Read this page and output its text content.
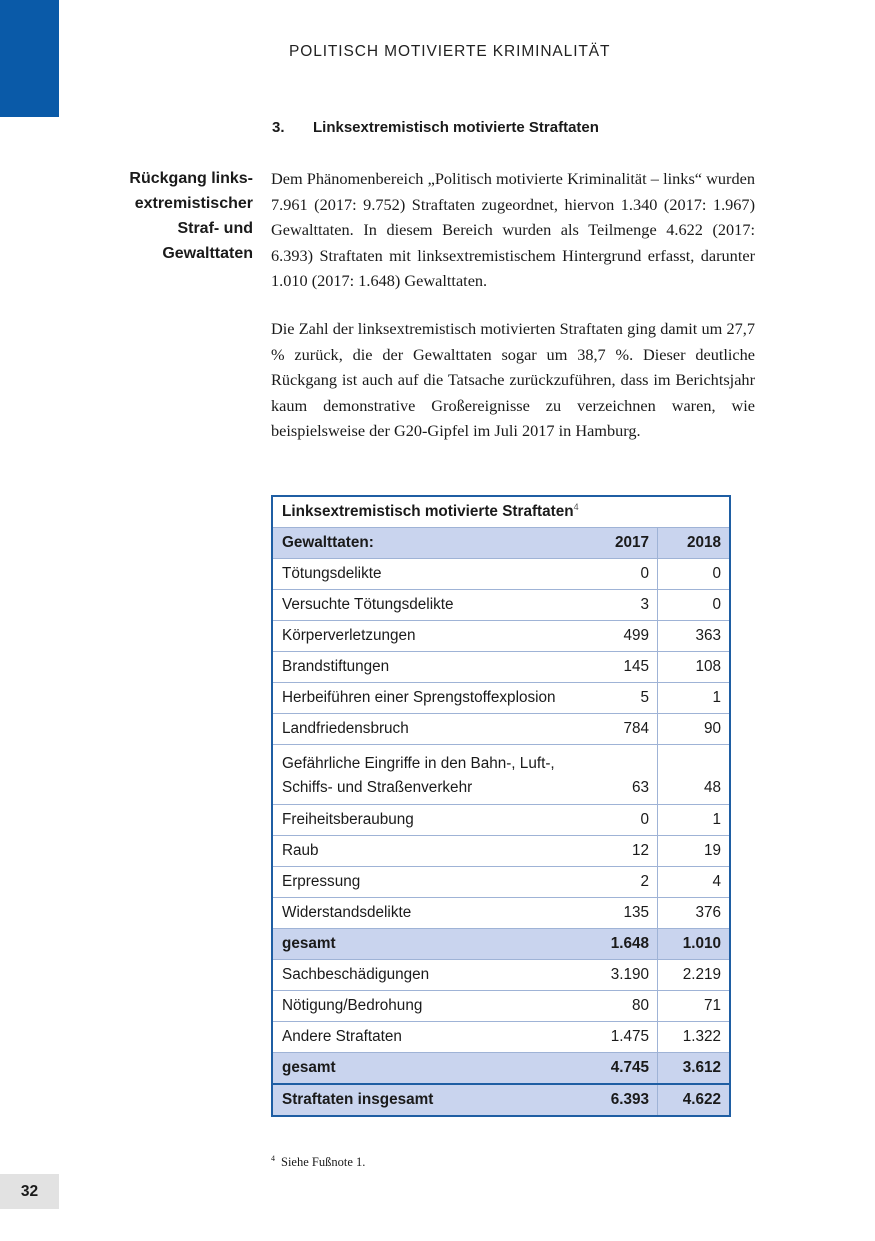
POLITISCH MOTIVIERTE KRIMINALITÄT
3. Linksextremistisch motivierte Straftaten
Rückgang links-
extremistischer
Straf- und
Gewalttaten

Dem Phänomenbereich „Politisch motivierte Kriminalität – links“ wurden 7.961 (2017: 9.752) Straftaten zugeordnet, hiervon 1.340 (2017: 1.967) Gewalttaten. In diesem Bereich wurden als Teilmenge 4.622 (2017: 6.393) Straftaten mit linksextremistischem Hintergrund erfasst, darunter 1.010 (2017: 1.648) Gewalttaten.

Die Zahl der linksextremistisch motivierten Straftaten ging damit um 27,7 % zurück, die der Gewalttaten sogar um 38,7 %. Dieser deutliche Rückgang ist auch auf die Tatsache zurückzuführen, dass im Berichtsjahr kaum demonstrative Großereignisse zu verzeichnen waren, wie beispielsweise der G20-Gipfel im Juli 2017 in Hamburg.

Linksextremistisch motivierte Straftaten$^4$
Gewalttaten:	2017	2018
Tötungsdelikte	0	0
Versuchte Tötungsdelikte	3	0
Körperverletzungen	499	363
Brandstiftungen	145	108
Herbeiführen einer Sprengstoffexplosion	5	1
Landfriedensbruch	784	90

Gefährliche Eingriffe in den Bahn-, Luft-,
Schiffs- und Straßenverkehr	63	48
Freiheitsberaubung	0	1
Raub	12	19
Erpressung	2	4
Widerstandsdelikte	135	376
gesamt	1.648	1.010
Sachbeschädigungen	3.190	2.219
Nötigung/Bedrohung	80	71
Andere Straftaten	1.475	1.322
gesamt	4.745	3.612
Straftaten insgesamt	6.393	4.622
$^4$ Siehe Fußnote 1.
32
